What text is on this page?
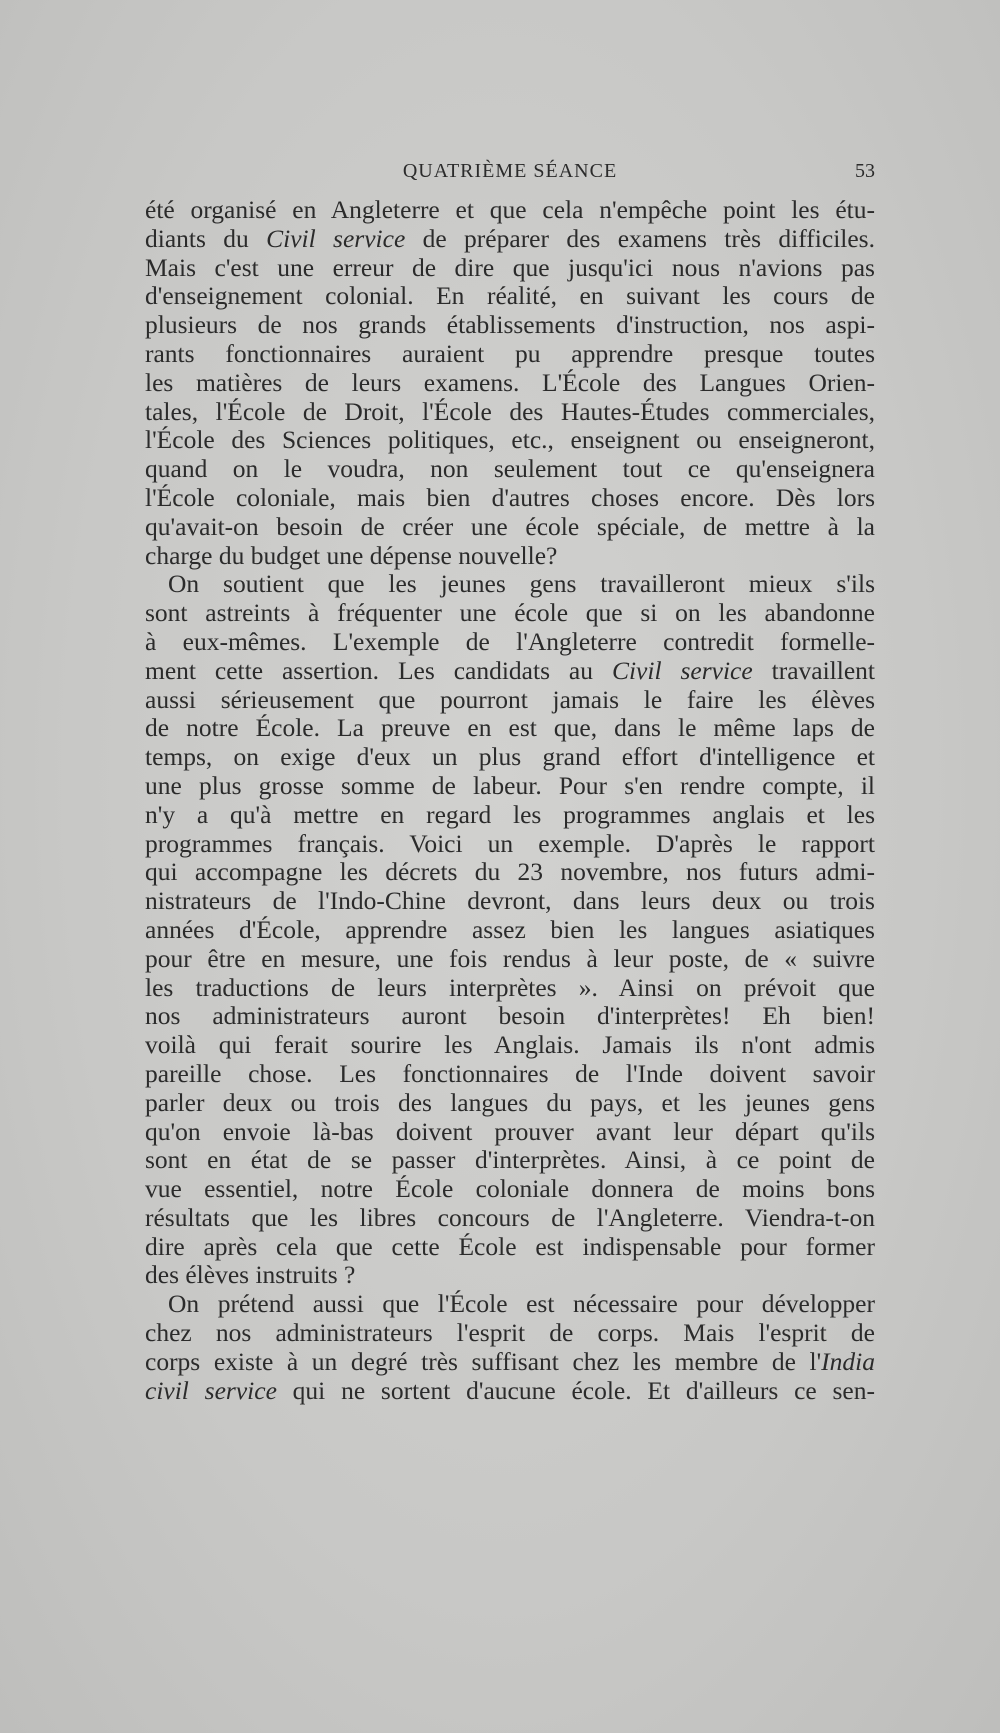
QUATRIÈME SÉANCE	53
été organisé en Angleterre et que cela n'empêche point les étu-
diants du Civil service de préparer des examens très difficiles.
Mais c'est une erreur de dire que jusqu'ici nous n'avions pas
d'enseignement colonial. En réalité, en suivant les cours de
plusieurs de nos grands établissements d'instruction, nos aspi-
rants fonctionnaires auraient pu apprendre presque toutes
les matières de leurs examens. L'École des Langues Orien-
tales, l'École de Droit, l'École des Hautes-Études commerciales,
l'École des Sciences politiques, etc., enseignent ou enseigneront,
quand on le voudra, non seulement tout ce qu'enseignera
l'École coloniale, mais bien d'autres choses encore. Dès lors
qu'avait-on besoin de créer une école spéciale, de mettre à la
charge du budget une dépense nouvelle?
On soutient que les jeunes gens travailleront mieux s'ils
sont astreints à fréquenter une école que si on les abandonne
à eux-mêmes. L'exemple de l'Angleterre contredit formelle-
ment cette assertion. Les candidats au Civil service travaillent
aussi sérieusement que pourront jamais le faire les élèves
de notre École. La preuve en est que, dans le même laps de
temps, on exige d'eux un plus grand effort d'intelligence et
une plus grosse somme de labeur. Pour s'en rendre compte, il
n'y a qu'à mettre en regard les programmes anglais et les
programmes français. Voici un exemple. D'après le rapport
qui accompagne les décrets du 23 novembre, nos futurs admi-
nistrateurs de l'Indo-Chine devront, dans leurs deux ou trois
années d'École, apprendre assez bien les langues asiatiques
pour être en mesure, une fois rendus à leur poste, de « suivre
les traductions de leurs interprètes ». Ainsi on prévoit que
nos administrateurs auront besoin d'interprètes! Eh bien!
voilà qui ferait sourire les Anglais. Jamais ils n'ont admis
pareille chose. Les fonctionnaires de l'Inde doivent savoir
parler deux ou trois des langues du pays, et les jeunes gens
qu'on envoie là-bas doivent prouver avant leur départ qu'ils
sont en état de se passer d'interprètes. Ainsi, à ce point de
vue essentiel, notre École coloniale donnera de moins bons
résultats que les libres concours de l'Angleterre. Viendra-t-on
dire après cela que cette École est indispensable pour former
des élèves instruits ?
On prétend aussi que l'École est nécessaire pour développer
chez nos administrateurs l'esprit de corps. Mais l'esprit de
corps existe à un degré très suffisant chez les membre de l'India
civil service qui ne sortent d'aucune école. Et d'ailleurs ce sen-
